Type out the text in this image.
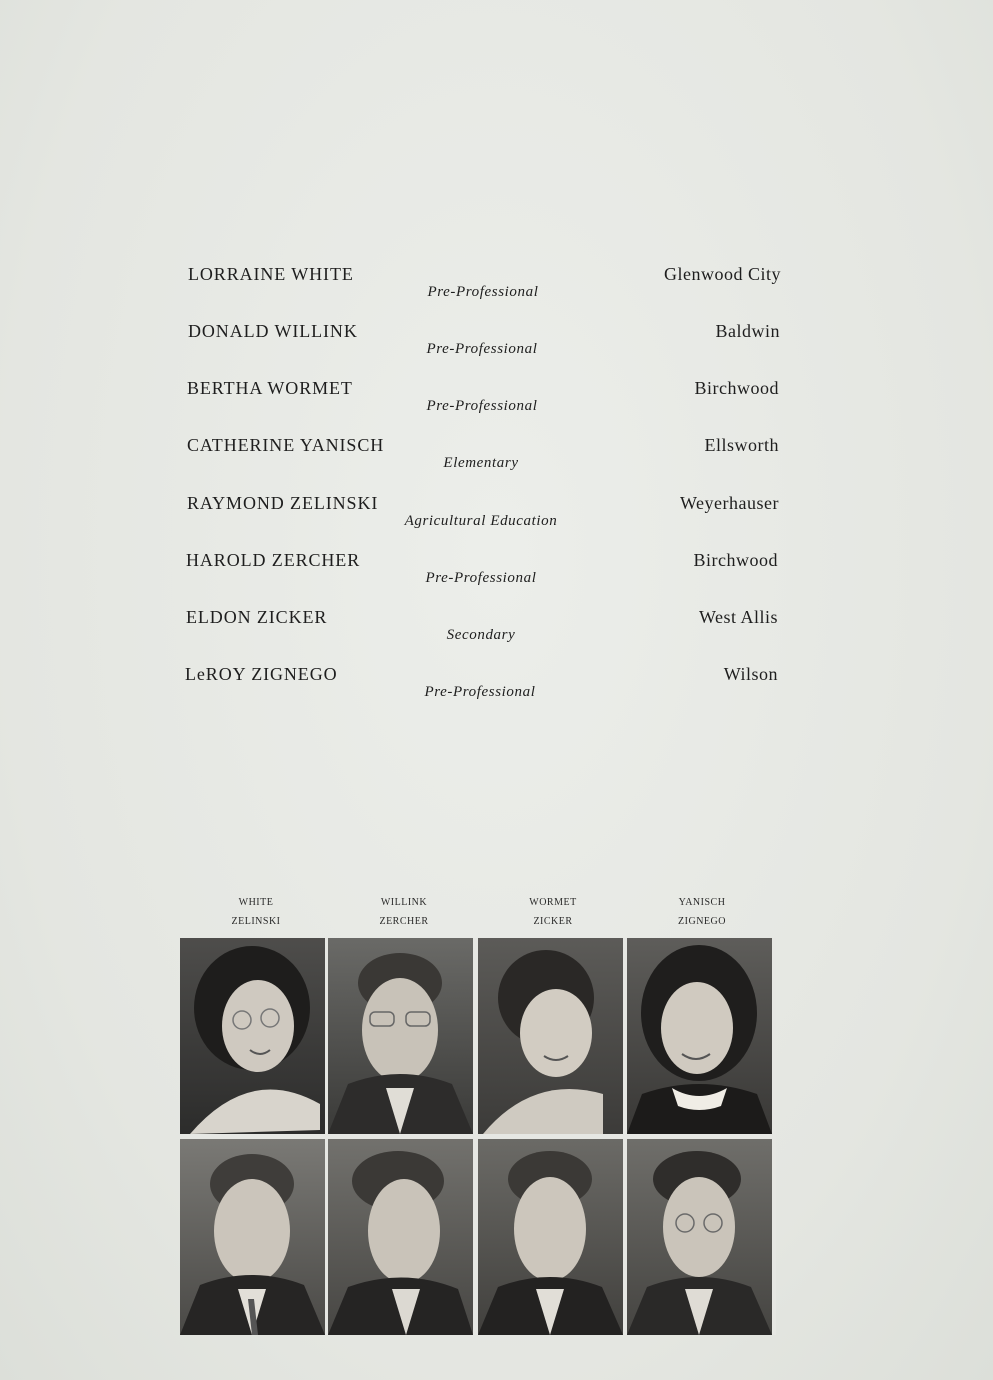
LORRAINE WHITE
Pre-Professional
Glenwood City
DONALD WILLINK
Pre-Professional
Baldwin
BERTHA WORMET
Pre-Professional
Birchwood
CATHERINE YANISCH
Elementary
Ellsworth
RAYMOND ZELINSKI
Agricultural Education
Weyerhauser
HAROLD ZERCHER
Pre-Professional
Birchwood
ELDON ZICKER
Secondary
West Allis
LeROY ZIGNEGO
Pre-Professional
Wilson
WHITE
ZELINSKI
WILLINK
ZERCHER
WORMET
ZICKER
YANISCH
ZIGNEGO
